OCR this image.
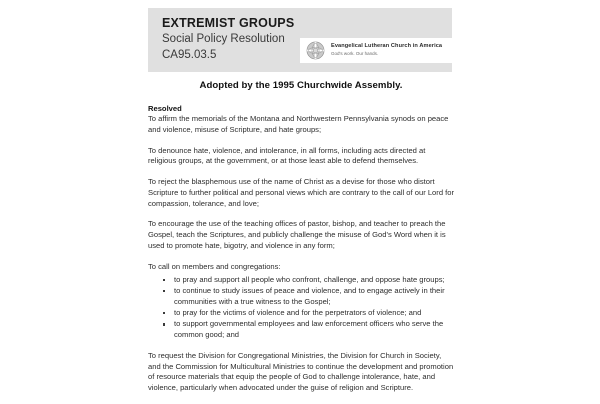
EXTREMIST GROUPS
Social Policy Resolution
CA95.03.5
Evangelical Lutheran Church in America
God's work. Our hands.
Adopted by the 1995 Churchwide Assembly.
Resolved

To affirm the memorials of the Montana and Northwestern Pennsylvania synods on peace and violence, misuse of Scripture, and hate groups;

To denounce hate, violence, and intolerance, in all forms, including acts directed at religious groups, at the government, or at those least able to defend themselves.

To reject the blasphemous use of the name of Christ as a devise for those who distort Scripture to further political and personal views which are contrary to the call of our Lord for compassion, tolerance, and love;

To encourage the use of the teaching offices of pastor, bishop, and teacher to preach the Gospel, teach the Scriptures, and publicly challenge the misuse of God's Word when it is used to promote hate, bigotry, and violence in any form;

To call on members and congregations:

to pray and support all people who confront, challenge, and oppose hate groups;
to continue to study issues of peace and violence, and to engage actively in their communities with a true witness to the Gospel;
to pray for the victims of violence and for the perpetrators of violence; and
to support governmental employees and law enforcement officers who serve the common good; and

To request the Division for Congregational Ministries, the Division for Church in Society, and the Commission for Multicultural Ministries to continue the development and promotion of resource materials that equip the people of God to challenge intolerance, hate, and violence, particularly when advocated under the guise of religion and Scripture.
